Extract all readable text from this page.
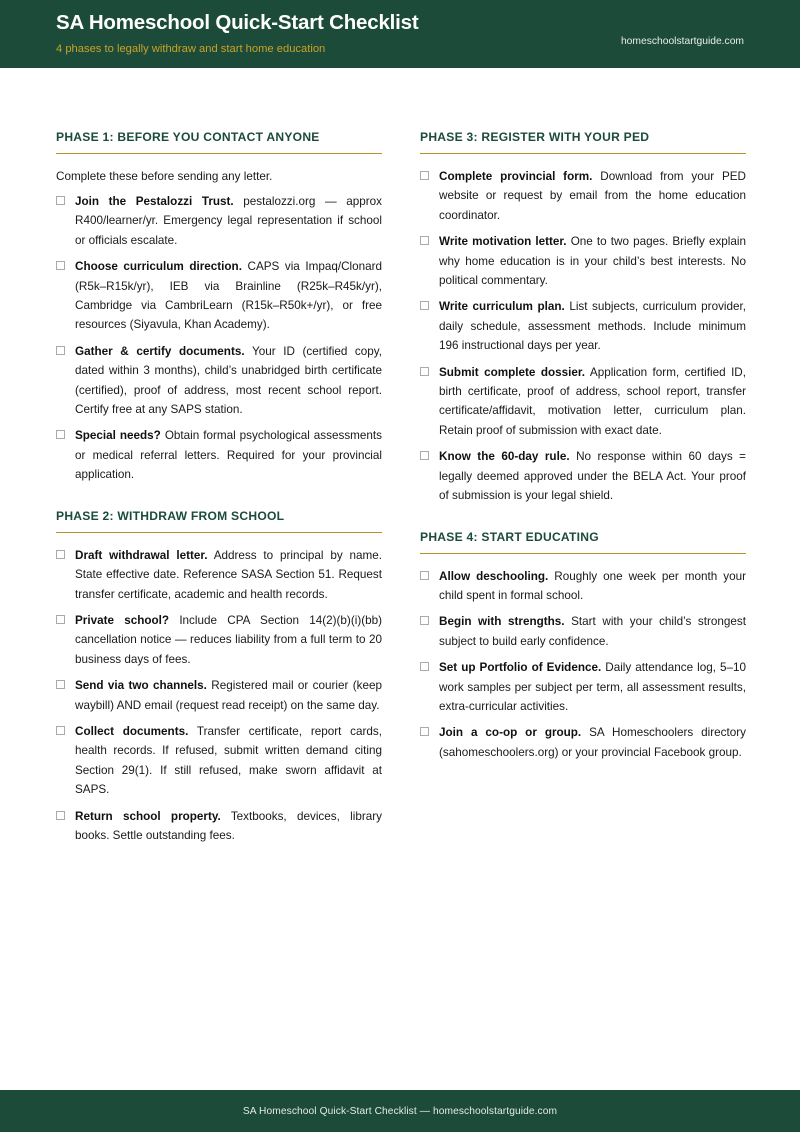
SA Homeschool Quick-Start Checklist
4 phases to legally withdraw and start home education
homeschoolstartguide.com
PHASE 1: BEFORE YOU CONTACT ANYONE
Complete these before sending any letter.
Join the Pestalozzi Trust. pestalozzi.org — approx R400/learner/yr. Emergency legal representation if school or officials escalate.
Choose curriculum direction. CAPS via Impaq/Clonard (R5k–R15k/yr), IEB via Brainline (R25k–R45k/yr), Cambridge via CambriLearn (R15k–R50k+/yr), or free resources (Siyavula, Khan Academy).
Gather & certify documents. Your ID (certified copy, dated within 3 months), child’s unabridged birth certificate (certified), proof of address, most recent school report. Certify free at any SAPS station.
Special needs? Obtain formal psychological assessments or medical referral letters. Required for your provincial application.
PHASE 2: WITHDRAW FROM SCHOOL
Draft withdrawal letter. Address to principal by name. State effective date. Reference SASA Section 51. Request transfer certificate, academic and health records.
Private school? Include CPA Section 14(2)(b)(i)(bb) cancellation notice — reduces liability from a full term to 20 business days of fees.
Send via two channels. Registered mail or courier (keep waybill) AND email (request read receipt) on the same day.
Collect documents. Transfer certificate, report cards, health records. If refused, submit written demand citing Section 29(1). If still refused, make sworn affidavit at SAPS.
Return school property. Textbooks, devices, library books. Settle outstanding fees.
PHASE 3: REGISTER WITH YOUR PED
Complete provincial form. Download from your PED website or request by email from the home education coordinator.
Write motivation letter. One to two pages. Briefly explain why home education is in your child’s best interests. No political commentary.
Write curriculum plan. List subjects, curriculum provider, daily schedule, assessment methods. Include minimum 196 instructional days per year.
Submit complete dossier. Application form, certified ID, birth certificate, proof of address, school report, transfer certificate/affidavit, motivation letter, curriculum plan. Retain proof of submission with exact date.
Know the 60-day rule. No response within 60 days = legally deemed approved under the BELA Act. Your proof of submission is your legal shield.
PHASE 4: START EDUCATING
Allow deschooling. Roughly one week per month your child spent in formal school.
Begin with strengths. Start with your child’s strongest subject to build early confidence.
Set up Portfolio of Evidence. Daily attendance log, 5–10 work samples per subject per term, all assessment results, extra-curricular activities.
Join a co-op or group. SA Homeschoolers directory (sahomeschoolers.org) or your provincial Facebook group.
SA Homeschool Quick-Start Checklist — homeschoolstartguide.com
